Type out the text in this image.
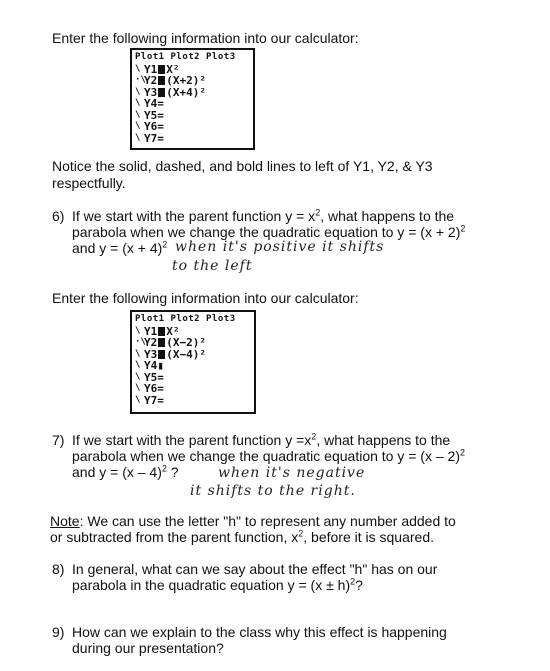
Enter the following information into our calculator:
Plot1 Plot2 Plot3
\ Y1 X²
·\
Y2 (X+2)²
\ Y3 (X+4)²
\ Y4 =
\ Y5 =
\ Y6 =
\ Y7 =
Notice the solid, dashed, and bold lines to left of Y1, Y2, & Y3
respectfully.
6) If we start with the parent function $y = x^2$, what happens to the
parabola when we change the quadratic equation to $y = (x + 2)^2$
and $y = (x + 4)^2$ when it's positive it shifts
to the left
Enter the following information into our calculator:
Plot1 Plot2 Plot3
\ Y1 X²
·\
Y2 (X−2)²
\ Y3 (X−4)²
\ Y4 ▮
\ Y5 =
\ Y6 =
\ Y7 =
7) If we start with the parent function $y =x^2$, what happens to the
parabola when we change the quadratic equation to y = (x – 2)$^2$
and y = (x – 4)$^2$ ?	when it's negative
it shifts to the right.
Note: We can use the letter "h" to represent any number added to
or subtracted from the parent function, $x^2$, before it is squared.
8) In general, what can we say about the effect "h" has on our
parabola in the quadratic equation $y = (x \pm h)^2$?
9) How can we explain to the class why this effect is happening
during our presentation?
